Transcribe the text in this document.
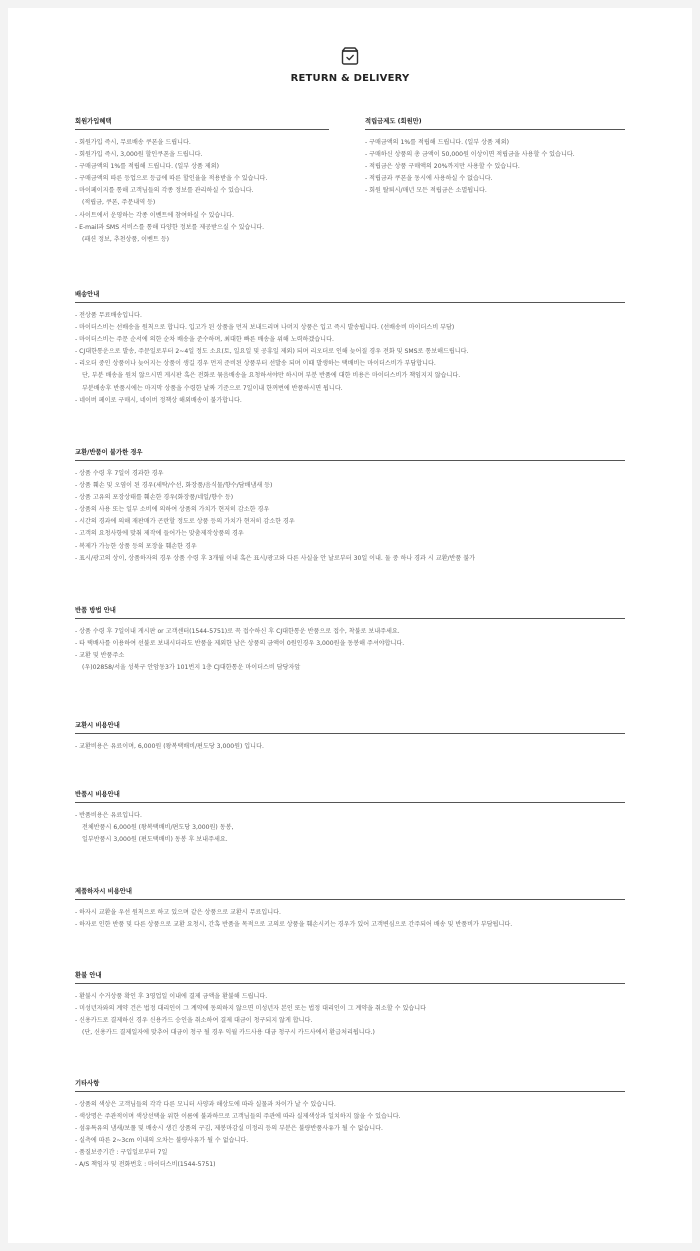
RETURN & DELIVERY
회원가입혜택
- 회원가입 즉시, 무료배송 쿠폰을 드립니다.
- 회원가입 즉시, 3,000원 할인쿠폰을 드립니다.
- 구매금액의 1%를 적립해 드립니다. (일부 상품 제외)
- 구매금액의 따른 등업으로 등급에 따른 할인율을 적용받을 수 있습니다.
- 마이페이지를 통해 고객님들의 각종 정보를 관리하실 수 있습니다.
(적립금, 쿠폰, 주문내역 등)
- 사이트에서 운영하는 각종 이벤트에 참여하실 수 있습니다.
- E-mail과 SMS 서비스를 통해 다양한 정보를 제공받으실 수 있습니다.
(패션 정보, 추천상품, 이벤트 등)
적립금제도 (회원만)
- 구매금액의 1%를 적립해 드립니다. (일부 상품 제외)
- 구매하신 상품의 총 금액이 50,000원 이상이면 적립금을 사용할 수 있습니다.
- 적립금은 상품 구매액의 20%까지만 사용할 수 있습니다.
- 적립금과 쿠폰을 동시에 사용하실 수 없습니다.
- 회원 탈퇴시/매년 모든 적립금은 소멸됩니다.
배송안내
- 전상품 무료배송입니다.
- 마이더스비는 선배송을 원칙으로 합니다. 입고가 된 상품을 먼저 보내드리며 나머지 상품은 입고 즉시 발송됩니다. (선배송비 마이더스비 부담)
- 마이더스비는 주문 순서에 의한 순차 배송을 준수하며, 최대한 빠른 배송을 위해 노력하겠습니다.
- CJ대한통운으로 발송, 주문일로부터 2~4일 정도 소요(토, 일요일 및 공휴일 제외) 되며 리오더로 인해 늦어질 경우 전화 및 SMS로 통보해드립니다.
- 리오더 중인 상품이나 늦어지는 상품이 생길 경우 먼저 준비된 상품부터 선발송 되며 이때 발생하는 택배비는 마이더스비가 부담합니다.
단, 부분 배송을 원치 않으시면 게시판 혹은 전화로 묶음배송을 요청하셔야만 하시며 부분 반품에 대한 비용은 마이더스비가 책임지지 않습니다.
부분배송후 반품시에는 마지막 상품을 수령한 날짜 기준으로 7일이내 한꺼번에 반품하시면 됩니다.
- 네이버 페이로 구매시, 네이버 정책상 해외배송이 불가합니다.
교환/반품이 불가한 경우
- 상품 수령 후 7일이 경과한 경우
- 상품 훼손 및 오염이 된 경우(세탁/수선, 화장품/음식물/향수/담배냄새 등)
- 상품 고유의 포장상태를 훼손한 경우(화장품/네일/향수 등)
- 상품의 사용 또는 일부 소비에 의하여 상품의 가치가 현저히 감소한 경우
- 시간의 경과에 의해 재판매가 곤란할 정도로 상품 등의 가치가 현저히 감소한 경우
- 고객의 요청사항에 맞춰 제작에 들어가는 맞춤제작상품의 경우
- 복제가 가능한 상품 등의 포장을 훼손한 경우
- 표시/광고의 상이, 상품하자의 경우 상품 수령 후 3개월 이내 혹은 표시/광고와 다른 사실을 안 날로부터 30일 이내. 둘 중 하나 경과 시 교환/반품 불가
반품 방법 안내
- 상품 수령 후 7일이내 게시판 or 고객센터(1544-5751)로 꼭 접수하신 후 CJ대한통운 반품으로 접수, 착불로 보내주세요.
- 타 택배사를 이용하여 선불로 보내시더라도 반품을 제외한 남은 상품의 금액이 0원인경우 3,000원을 동봉해 주셔야합니다.
- 교환 및 반품주소
(우)02858/서울 성북구 안암동3가 101번지 1층 CJ대한통운 마이더스비 담당자앞
교환시 비용안내
- 교환비용은 유료이며, 6,000원 (왕복택배비/편도당 3,000원) 입니다.
반품시 비용안내
- 반품비용은 유료입니다.
전체반품시 6,000원 (왕복택배비/편도당 3,000원) 동봉,
일부반품시 3,000원 (편도택배비) 동봉 후 보내주세요.
제품하자시 비용안내
- 하자시 교환을 우선 원칙으로 하고 있으며 같은 상품으로 교환시 무료입니다.
- 하자로 인한 반품 및 다른 상품으로 교환 요청시, 간혹 반품을 목적으로 고의로 상품을 훼손시키는 경우가 있어 고객변심으로 간주되어 배송 및 반품비가 부담됩니다.
환불 안내
- 환불시 수거상품 확인 후 3영업일 이내에 결제 금액을 환불해 드립니다.
- 미성년자와의 계약 건은 법정 대리인이 그 계약에 동의하지 않으면 미성년자 본인 또는 법정 대리인이 그 계약을 취소할 수 있습니다
- 신용카드로 결제하신 경우 신용카드 승인을 취소하여 결제 대금이 청구되지 않게 합니다.
(단, 신용카드 결제일자에 맞추어 대금이 청구 될 경우 익월 카드사용 대금 청구시 카드사에서 환급처리됩니다.)
기타사항
- 상품의 색상은 고객님들의 각각 다른 모니터 사양과 해상도에 따라 실물과 차이가 날 수 있습니다.
- 색상명은 주관적이며 색상선택을 위한 이름에 불과하므로 고객님들의 주관에 따라 실제색상과 일치하지 않을 수 있습니다.
- 섬유특유의 냄새/보풀 및 배송시 생긴 상품의 구김, 제봉마감실 미정리 등의 부분은 불량반품사유가 될 수 없습니다.
- 실측에 따른 2~3cm 이내의 오차는 불량사유가 될 수 없습니다.
- 품질보증기간 : 구입일로부터 7일
- A/S 책임자 및 전화번호 : 마이더스비(1544-5751)
